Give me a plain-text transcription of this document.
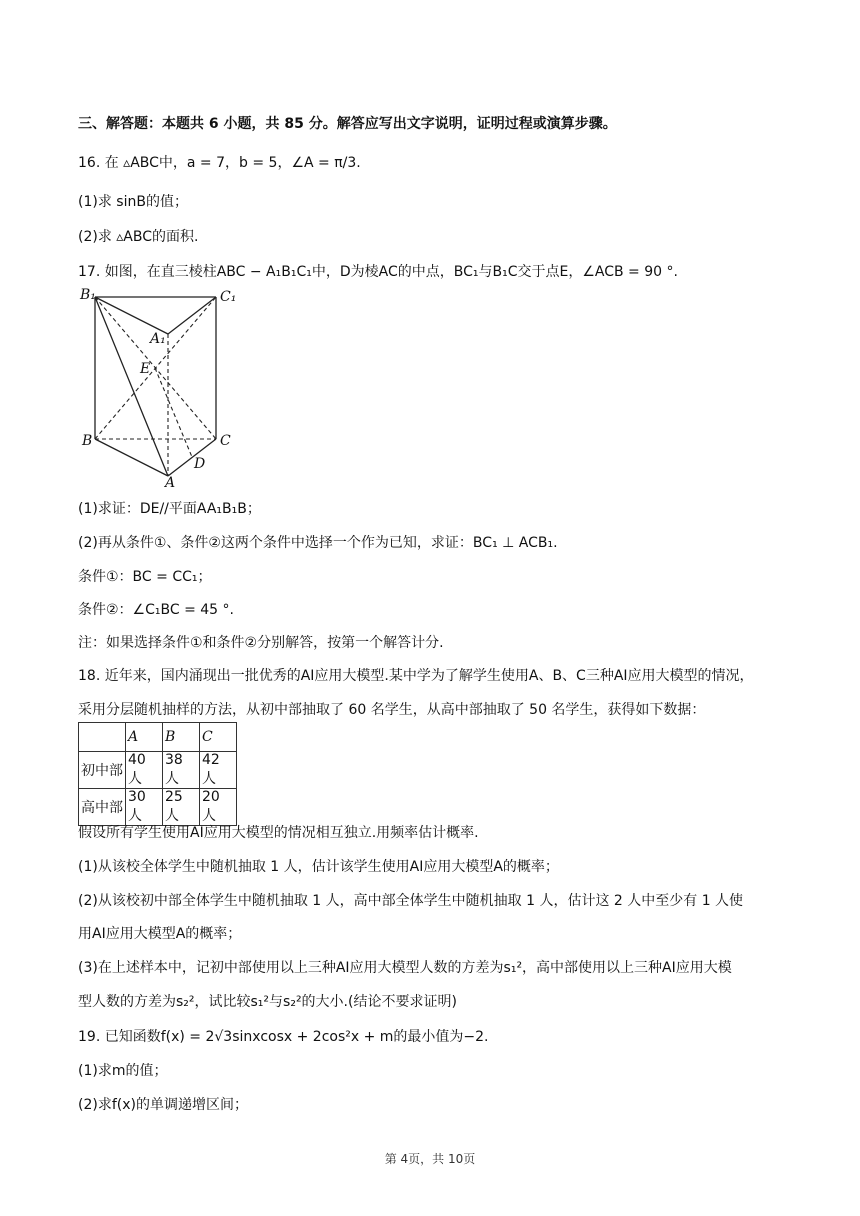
三、解答题：本题共 6 小题，共 85 分。解答应写出文字说明，证明过程或演算步骤。
16. 在 ▵ABC中，a = 7，b = 5，∠A = π/3.
(1)求 sinB的值；
(2)求 ▵ABC的面积.
17. 如图，在直三棱柱ABC − A₁B₁C₁中，D为棱AC的中点，BC₁与B₁C交于点E，∠ACB = 90 °.
B₁	C₁
A₁
E
B	C
D
A
(1)求证：DE//平面AA₁B₁B；
(2)再从条件①、条件②这两个条件中选择一个作为已知，求证：BC₁ ⊥ ACB₁.
条件①：BC = CC₁；
条件②：∠C₁BC = 45 °.
注：如果选择条件①和条件②分别解答，按第一个解答计分.
18. 近年来，国内涌现出一批优秀的AI应用大模型.某中学为了解学生使用A、B、C三种AI应用大模型的情况，
采用分层随机抽样的方法，从初中部抽取了 60 名学生，从高中部抽取了 50 名学生，获得如下数据：
	A	B	C
初中部	40 人	38 人	42 人
高中部	30 人	25 人	20 人
假设所有学生使用AI应用大模型的情况相互独立.用频率估计概率.
(1)从该校全体学生中随机抽取 1 人，估计该学生使用AI应用大模型A的概率；
(2)从该校初中部全体学生中随机抽取 1 人，高中部全体学生中随机抽取 1 人，估计这 2 人中至少有 1 人使
用AI应用大模型A的概率；
(3)在上述样本中，记初中部使用以上三种AI应用大模型人数的方差为s₁²，高中部使用以上三种AI应用大模
型人数的方差为s₂²，试比较s₁²与s₂²的大小.(结论不要求证明)
19. 已知函数f(x) = 2√3sinxcosx + 2cos²x + m的最小值为−2.
(1)求m的值；
(2)求f(x)的单调递增区间；
第 4页，共 10页
